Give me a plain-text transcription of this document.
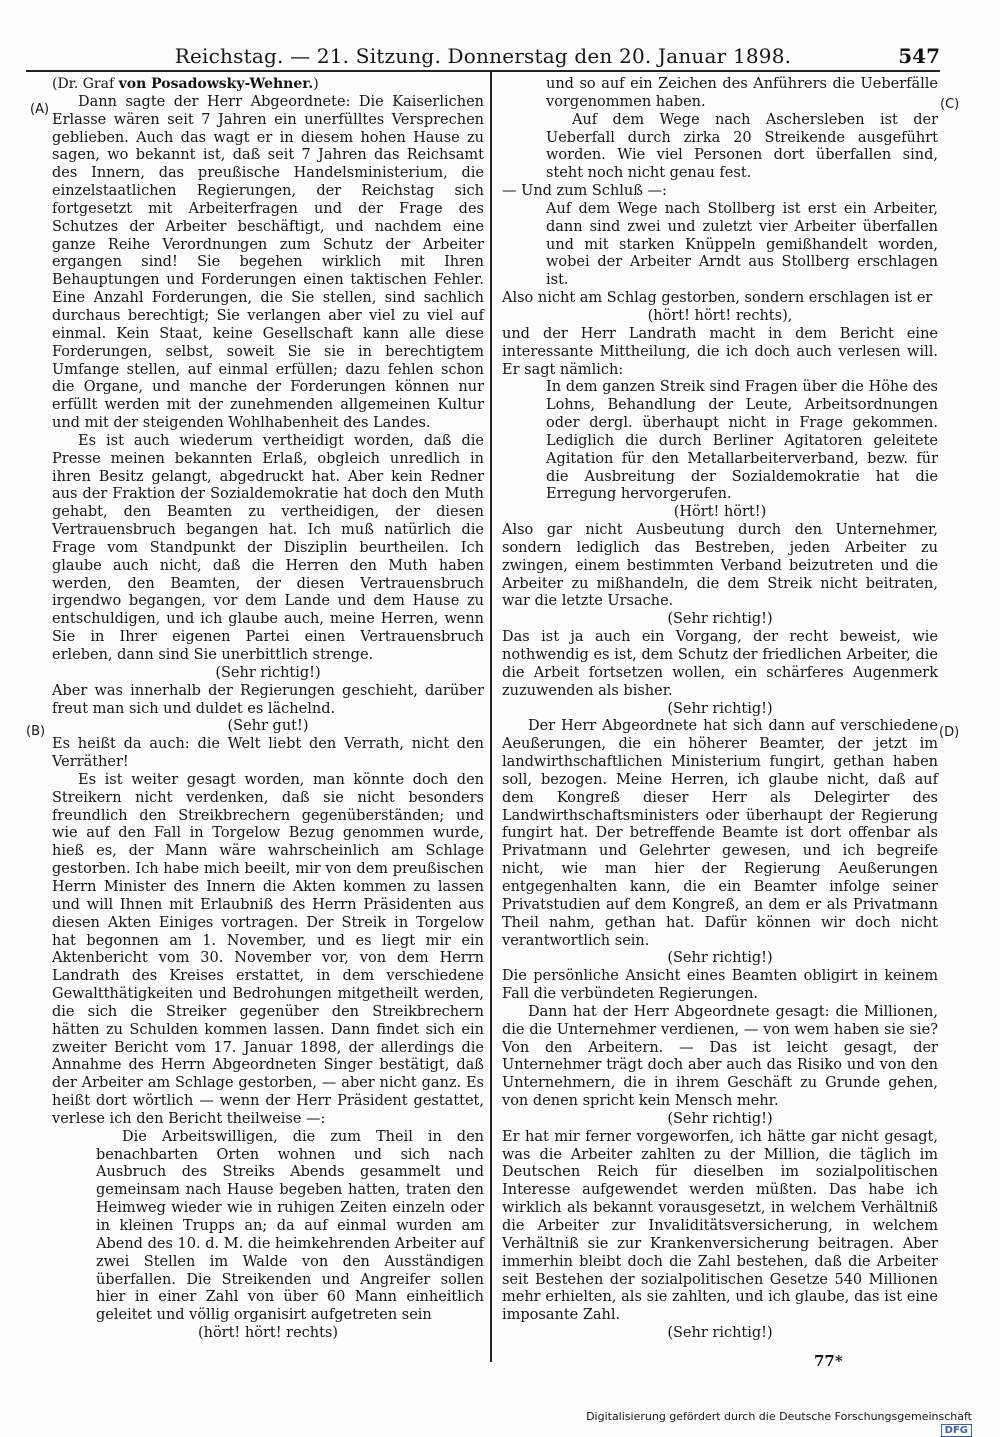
Reichstag. — 21. Sitzung. Donnerstag den 20. Januar 1898.	547
(A)
(B)
(C)
(D)

(Dr. Graf von Posadowsky-Wehner.)

Dann sagte der Herr Abgeordnete: Die Kaiserlichen Erlasse wären seit 7 Jahren ein unerfülltes Versprechen geblieben. Auch das wagt er in diesem hohen Hause zu sagen, wo bekannt ist, daß seit 7 Jahren das Reichsamt des Innern, das preußische Handelsministerium, die einzelstaatlichen Regierungen, der Reichstag sich fortgesetzt mit Arbeiterfragen und der Frage des Schutzes der Arbeiter beschäftigt, und nachdem eine ganze Reihe Verordnungen zum Schutz der Arbeiter ergangen sind! Sie begehen wirklich mit Ihren Behauptungen und Forderungen einen taktischen Fehler. Eine Anzahl Forderungen, die Sie stellen, sind sachlich durchaus berechtigt; Sie verlangen aber viel zu viel auf einmal. Kein Staat, keine Gesellschaft kann alle diese Forderungen, selbst, soweit Sie sie in berechtigtem Umfange stellen, auf einmal erfüllen; dazu fehlen schon die Organe, und manche der Forderungen können nur erfüllt werden mit der zunehmenden allgemeinen Kultur und mit der steigenden Wohlhabenheit des Landes.

Es ist auch wiederum vertheidigt worden, daß die Presse meinen bekannten Erlaß, obgleich unredlich in ihren Besitz gelangt, abgedruckt hat. Aber kein Redner aus der Fraktion der Sozialdemokratie hat doch den Muth gehabt, den Beamten zu vertheidigen, der diesen Vertrauensbruch begangen hat. Ich muß natürlich die Frage vom Standpunkt der Disziplin beurtheilen. Ich glaube auch nicht, daß die Herren den Muth haben werden, den Beamten, der diesen Vertrauensbruch irgendwo begangen, vor dem Lande und dem Hause zu entschuldigen, und ich glaube auch, meine Herren, wenn Sie in Ihrer eigenen Partei einen Vertrauensbruch erleben, dann sind Sie unerbittlich strenge.

(Sehr richtig!)

Aber was innerhalb der Regierungen geschieht, darüber freut man sich und duldet es lächelnd.

(Sehr gut!)

Es heißt da auch: die Welt liebt den Verrath, nicht den Verräther!

Es ist weiter gesagt worden, man könnte doch den Streikern nicht verdenken, daß sie nicht besonders freundlich den Streikbrechern gegenüberständen; und wie auf den Fall in Torgelow Bezug genommen wurde, hieß es, der Mann wäre wahrscheinlich am Schlage gestorben. Ich habe mich beeilt, mir von dem preußischen Herrn Minister des Innern die Akten kommen zu lassen und will Ihnen mit Erlaubniß des Herrn Präsidenten aus diesen Akten Einiges vortragen. Der Streik in Torgelow hat begonnen am 1. November, und es liegt mir ein Aktenbericht vom 30. November vor, von dem Herrn Landrath des Kreises erstattet, in dem verschiedene Gewaltthätigkeiten und Bedrohungen mitgetheilt werden, die sich die Streiker gegenüber den Streikbrechern hätten zu Schulden kommen lassen. Dann findet sich ein zweiter Bericht vom 17. Januar 1898, der allerdings die Annahme des Herrn Abgeordneten Singer bestätigt, daß der Arbeiter am Schlage gestorben, — aber nicht ganz. Es heißt dort wörtlich — wenn der Herr Präsident gestattet, verlese ich den Bericht theilweise —:

Die Arbeitswilligen, die zum Theil in den benachbarten Orten wohnen und sich nach Ausbruch des Streiks Abends gesammelt und gemeinsam nach Hause begeben hatten, traten den Heimweg wieder wie in ruhigen Zeiten einzeln oder in kleinen Trupps an; da auf einmal wurden am Abend des 10. d. M. die heimkehrenden Arbeiter auf zwei Stellen im Walde von den Ausständigen überfallen. Die Streikenden und Angreifer sollen hier in einer Zahl von über 60 Mann einheitlich geleitet und völlig organisirt aufgetreten sein

(hört! hört! rechts)

und so auf ein Zeichen des Anführers die Ueberfälle vorgenommen haben.

Auf dem Wege nach Aschersleben ist der Ueberfall durch zirka 20 Streikende ausgeführt worden. Wie viel Personen dort überfallen sind, steht noch nicht genau fest.

— Und zum Schluß —:

Auf dem Wege nach Stollberg ist erst ein Arbeiter, dann sind zwei und zuletzt vier Arbeiter überfallen und mit starken Knüppeln gemißhandelt worden, wobei der Arbeiter Arndt aus Stollberg erschlagen ist.

Also nicht am Schlag gestorben, sondern erschlagen ist er

(hört! hört! rechts),

und der Herr Landrath macht in dem Bericht eine interessante Mittheilung, die ich doch auch verlesen will. Er sagt nämlich:

In dem ganzen Streik sind Fragen über die Höhe des Lohns, Behandlung der Leute, Arbeitsordnungen oder dergl. überhaupt nicht in Frage gekommen. Lediglich die durch Berliner Agitatoren geleitete Agitation für den Metallarbeiterverband, bezw. für die Ausbreitung der Sozialdemokratie hat die Erregung hervorgerufen.

(Hört! hört!)

Also gar nicht Ausbeutung durch den Unternehmer, sondern lediglich das Bestreben, jeden Arbeiter zu zwingen, einem bestimmten Verband beizutreten und die Arbeiter zu mißhandeln, die dem Streik nicht beitraten, war die letzte Ursache.

(Sehr richtig!)

Das ist ja auch ein Vorgang, der recht beweist, wie nothwendig es ist, dem Schutz der friedlichen Arbeiter, die die Arbeit fortsetzen wollen, ein schärferes Augenmerk zuzuwenden als bisher.

(Sehr richtig!)

Der Herr Abgeordnete hat sich dann auf verschiedene Aeußerungen, die ein höherer Beamter, der jetzt im landwirthschaftlichen Ministerium fungirt, gethan haben soll, bezogen. Meine Herren, ich glaube nicht, daß auf dem Kongreß dieser Herr als Delegirter des Landwirthschaftsministers oder überhaupt der Regierung fungirt hat. Der betreffende Beamte ist dort offenbar als Privatmann und Gelehrter gewesen, und ich begreife nicht, wie man hier der Regierung Aeußerungen entgegenhalten kann, die ein Beamter infolge seiner Privatstudien auf dem Kongreß, an dem er als Privatmann Theil nahm, gethan hat. Dafür können wir doch nicht verantwortlich sein.

(Sehr richtig!)

Die persönliche Ansicht eines Beamten obligirt in keinem Fall die verbündeten Regierungen.

Dann hat der Herr Abgeordnete gesagt: die Millionen, die die Unternehmer verdienen, — von wem haben sie sie? Von den Arbeitern. — Das ist leicht gesagt, der Unternehmer trägt doch aber auch das Risiko und von den Unternehmern, die in ihrem Geschäft zu Grunde gehen, von denen spricht kein Mensch mehr.

(Sehr richtig!)

Er hat mir ferner vorgeworfen, ich hätte gar nicht gesagt, was die Arbeiter zahlten zu der Million, die täglich im Deutschen Reich für dieselben im sozialpolitischen Interesse aufgewendet werden müßten. Das habe ich wirklich als bekannt vorausgesetzt, in welchem Verhältniß die Arbeiter zur Invaliditätsversicherung, in welchem Verhältniß sie zur Krankenversicherung beitragen. Aber immerhin bleibt doch die Zahl bestehen, daß die Arbeiter seit Bestehen der sozialpolitischen Gesetze 540 Millionen mehr erhielten, als sie zahlten, und ich glaube, das ist eine imposante Zahl.

(Sehr richtig!)

77*
Digitalisierung gefördert durch die Deutsche Forschungsgemeinschaft DFG
